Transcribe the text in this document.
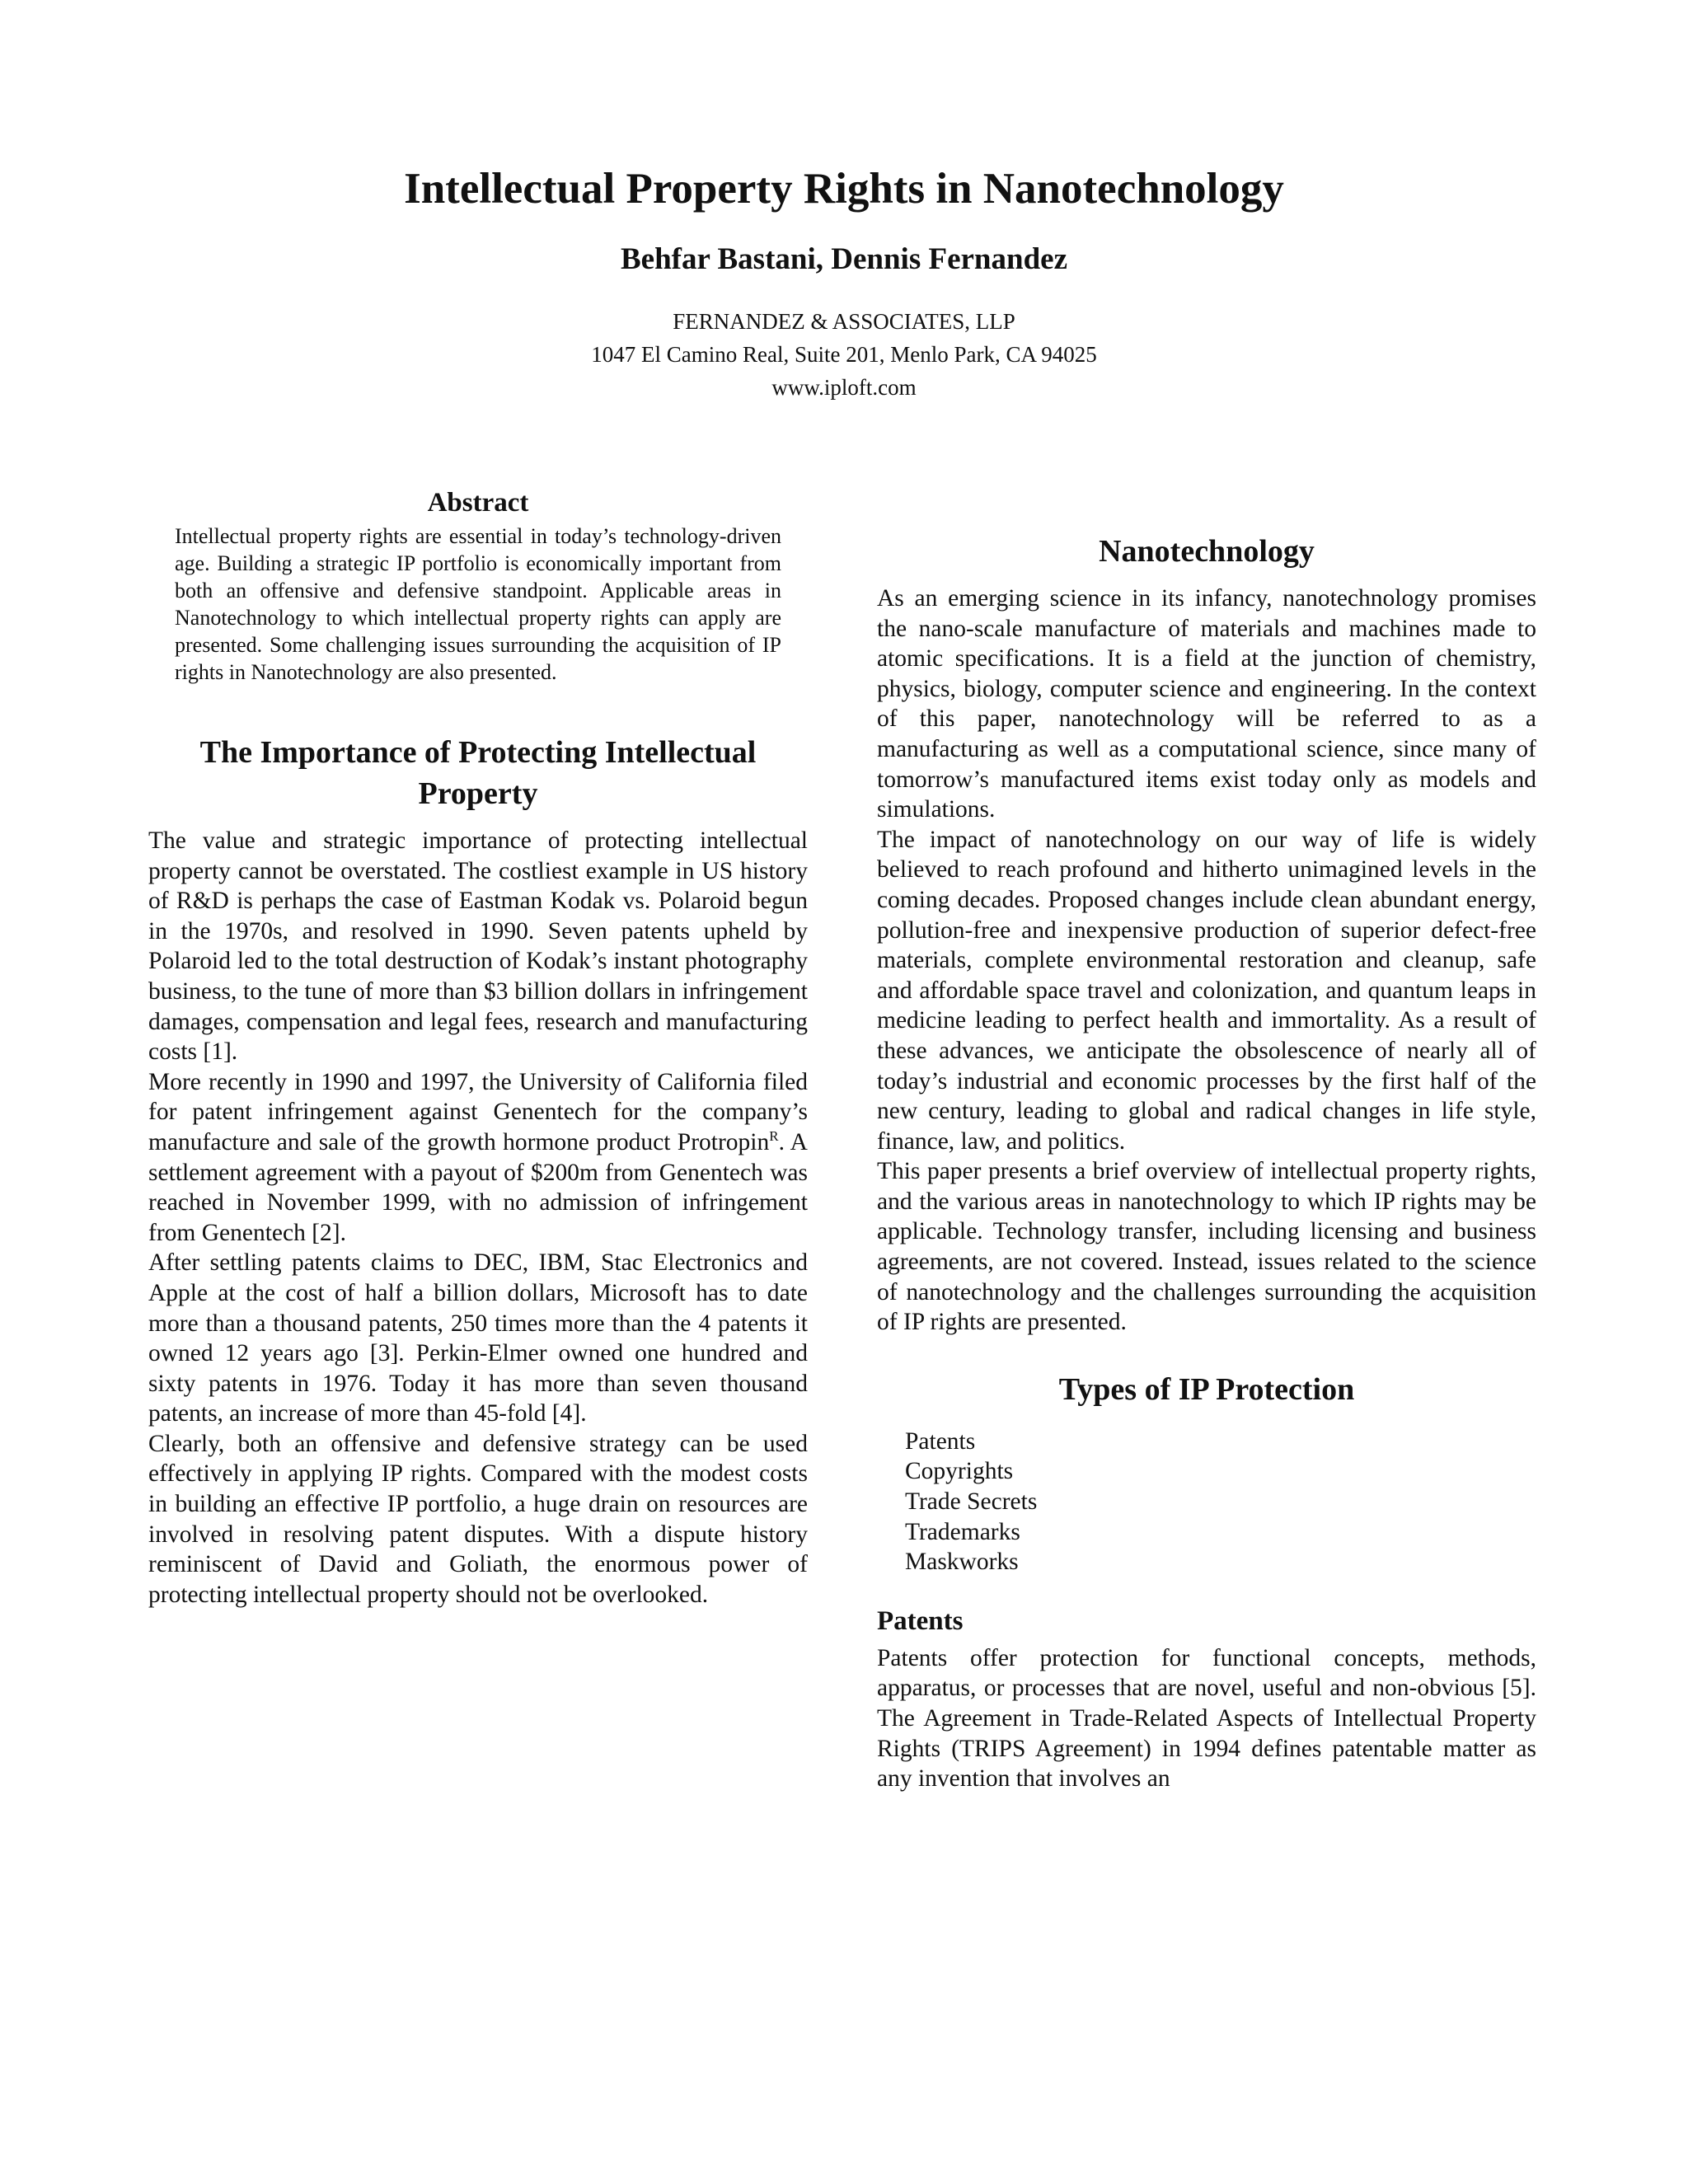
Intellectual Property Rights in Nanotechnology
Behfar Bastani, Dennis Fernandez
FERNANDEZ & ASSOCIATES, LLP
1047 El Camino Real, Suite 201, Menlo Park, CA 94025
www.iploft.com
Abstract

Intellectual property rights are essential in today’s technology-driven age. Building a strategic IP portfolio is economically important from both an offensive and defensive standpoint. Applicable areas in Nanotechnology to which intellectual property rights can apply are presented. Some challenging issues surrounding the acquisition of IP rights in Nanotechnology are also presented.

The Importance of Protecting Intellectual Property

The value and strategic importance of protecting intellectual property cannot be overstated. The costliest example in US history of R&D is perhaps the case of Eastman Kodak vs. Polaroid begun in the 1970s, and resolved in 1990. Seven patents upheld by Polaroid led to the total destruction of Kodak’s instant photography business, to the tune of more than $3 billion dollars in infringement damages, compensation and legal fees, research and manufacturing costs [1].

More recently in 1990 and 1997, the University of California filed for patent infringement against Genentech for the company’s manufacture and sale of the growth hormone product Protropin$^R$. A settlement agreement with a payout of $200m from Genentech was reached in November 1999, with no admission of infringement from Genentech [2].

After settling patents claims to DEC, IBM, Stac Electronics and Apple at the cost of half a billion dollars, Microsoft has to date more than a thousand patents, 250 times more than the 4 patents it owned 12 years ago [3]. Perkin-Elmer owned one hundred and sixty patents in 1976. Today it has more than seven thousand patents, an increase of more than 45-fold [4].

Clearly, both an offensive and defensive strategy can be used effectively in applying IP rights. Compared with the modest costs in building an effective IP portfolio, a huge drain on resources are involved in resolving patent disputes. With a dispute history reminiscent of David and Goliath, the enormous power of protecting intellectual property should not be overlooked.

Nanotechnology

As an emerging science in its infancy, nanotechnology promises the nano-scale manufacture of materials and machines made to atomic specifications. It is a field at the junction of chemistry, physics, biology, computer science and engineering. In the context of this paper, nanotechnology will be referred to as a manufacturing as well as a computational science, since many of tomorrow’s manufactured items exist today only as models and simulations.

The impact of nanotechnology on our way of life is widely believed to reach profound and hitherto unimagined levels in the coming decades. Proposed changes include clean abundant energy, pollution-free and inexpensive production of superior defect-free materials, complete environmental restoration and cleanup, safe and affordable space travel and colonization, and quantum leaps in medicine leading to perfect health and immortality. As a result of these advances, we anticipate the obsolescence of nearly all of today’s industrial and economic processes by the first half of the new century, leading to global and radical changes in life style, finance, law, and politics.

This paper presents a brief overview of intellectual property rights, and the various areas in nanotechnology to which IP rights may be applicable. Technology transfer, including licensing and business agreements, are not covered. Instead, issues related to the science of nanotechnology and the challenges surrounding the acquisition of IP rights are presented.

Types of IP Protection
Patents
Copyrights
Trade Secrets
Trademarks
Maskworks
Patents

Patents offer protection for functional concepts, methods, apparatus, or processes that are novel, useful and non-obvious [5]. The Agreement in Trade-Related Aspects of Intellectual Property Rights (TRIPS Agreement) in 1994 defines patentable matter as any invention that involves an
